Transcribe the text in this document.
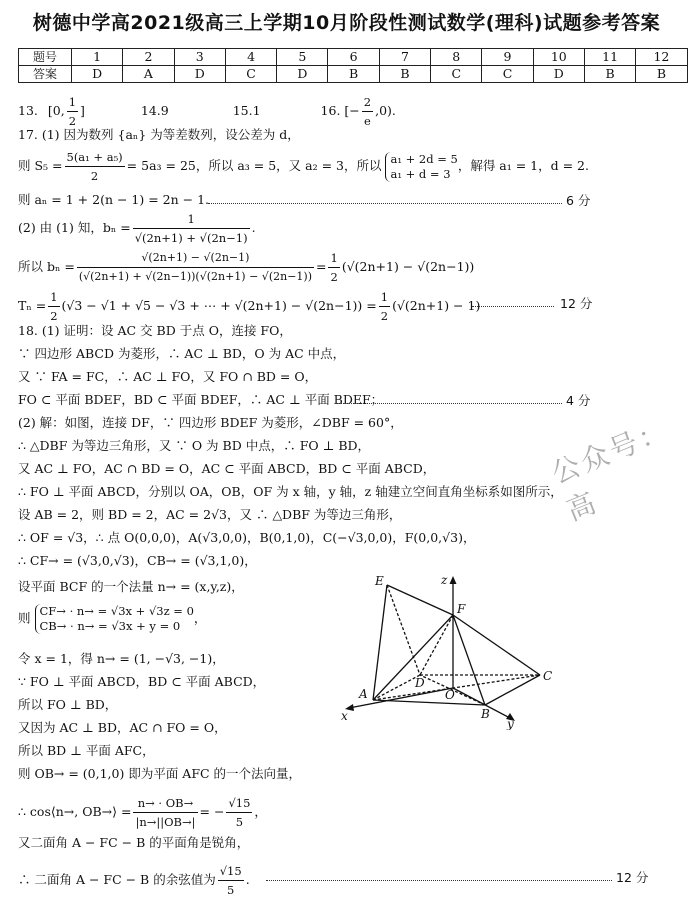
树德中学高2021级高三上学期10月阶段性测试数学(理科)试题参考答案
题号	1	2	3	4	5	6	7	8	9	10	11	12
答案	D	A	D	C	D	B	B	C	C	D	B	B
13. [0, $\frac{1}{2}$ ]	14.9	15.1	16. [− $\frac{2}{e} ,0$).
17. (1) 因为数列 {aₙ} 为等差数列，设公差为 d，
则 $S_5 = \frac{\text{5(a₁ + a₅)}}{2} = 5a_3 = 25$，所以 a₃ = 5，又 a₂ = 3，所以 a₁ + 2d = 5
a₁ + d = 3
，解得 a₁ = 1，d = 2.
则 aₙ = 1 + 2(n − 1) = 2n − 1.	6 分
(2) 由 (1) 知，$b_n = \frac{1}{√(2n+1) + √(2n-1)}$ .
所以 $b_n = \frac{√(2n+1) - √(2n-1)}{(√(2n+1) + √(2n-1))(√(2n+1) - √(2n-1))} = \frac{1}{2} (√(2n+1) - √(2n-1))$
$T_n = \frac{1}{2} (√3 - √1 + √5 - √3$ + ⋯ + $√(2n+1) - √(2n-1)) = \frac{1}{2} (√(2n+1) - 1)$	12 分
18. (1) 证明：设 AC 交 BD 于点 O，连接 FO，
∵ 四边形 ABCD 为菱形，∴ AC ⊥ BD，O 为 AC 中点，
又 ∵ FA = FC，∴ AC ⊥ FO，又 FO ∩ BD = O，
FO ⊂ 平面 BDEF，BD ⊂ 平面 BDEF，∴ AC ⊥ 平面 BDEF；	4 分
(2) 解：如图，连接 DF，∵ 四边形 BDEF 为菱形，∠DBF = 60°，
∴ △DBF 为等边三角形，又 ∵ O 为 BD 中点，∴ FO ⊥ BD，
又 AC ⊥ FO，AC ∩ BD = O，AC ⊂ 平面 ABCD，BD ⊂ 平面 ABCD，
∴ FO ⊥ 平面 ABCD，分别以 OA，OB，OF 为 x 轴，y 轴，z 轴建立空间直角坐标系如图所示，
设 AB = 2，则 BD = 2，AC = 2√3，又 ∴ △DBF 为等边三角形，
∴ OF = √3，∴ 点 O(0,0,0)，A(√3,0,0)，B(0,1,0)，C(−√3,0,0)，F(0,0,√3)，
∴ CF→ = (√3,0,√3)，CB→ = (√3,1,0)，
设平面 BCF 的一个法量 n→ = (x,y,z)，
则 CF→ · n→ = √3x + √3z = 0
CB→ · n→ = √3x + y = 0
，
令 x = 1，得 n→ = (1, −√3, −1)，
∵ FO ⊥ 平面 ABCD，BD ⊂ 平面 ABCD，
所以 FO ⊥ BD，
又因为 AC ⊥ BD，AC ∩ FO = O，
所以 BD ⊥ 平面 AFC，
则 OB→ = (0,1,0) 即为平面 AFC 的一个法向量，
∴ cos⟨n→, OB→⟩ = $\frac{n\to \cdot OB\to}{|n\to||OB\to|}$ = − $\frac{√15}{5}$ ，
又二面角 A − FC − B 的平面角是锐角，
∴ 二面角 A − FC − B 的余弦值为 $\frac{√15}{5}$ .	12 分
E
F
z
D
O
C
A
B
x
y
公众号：高
